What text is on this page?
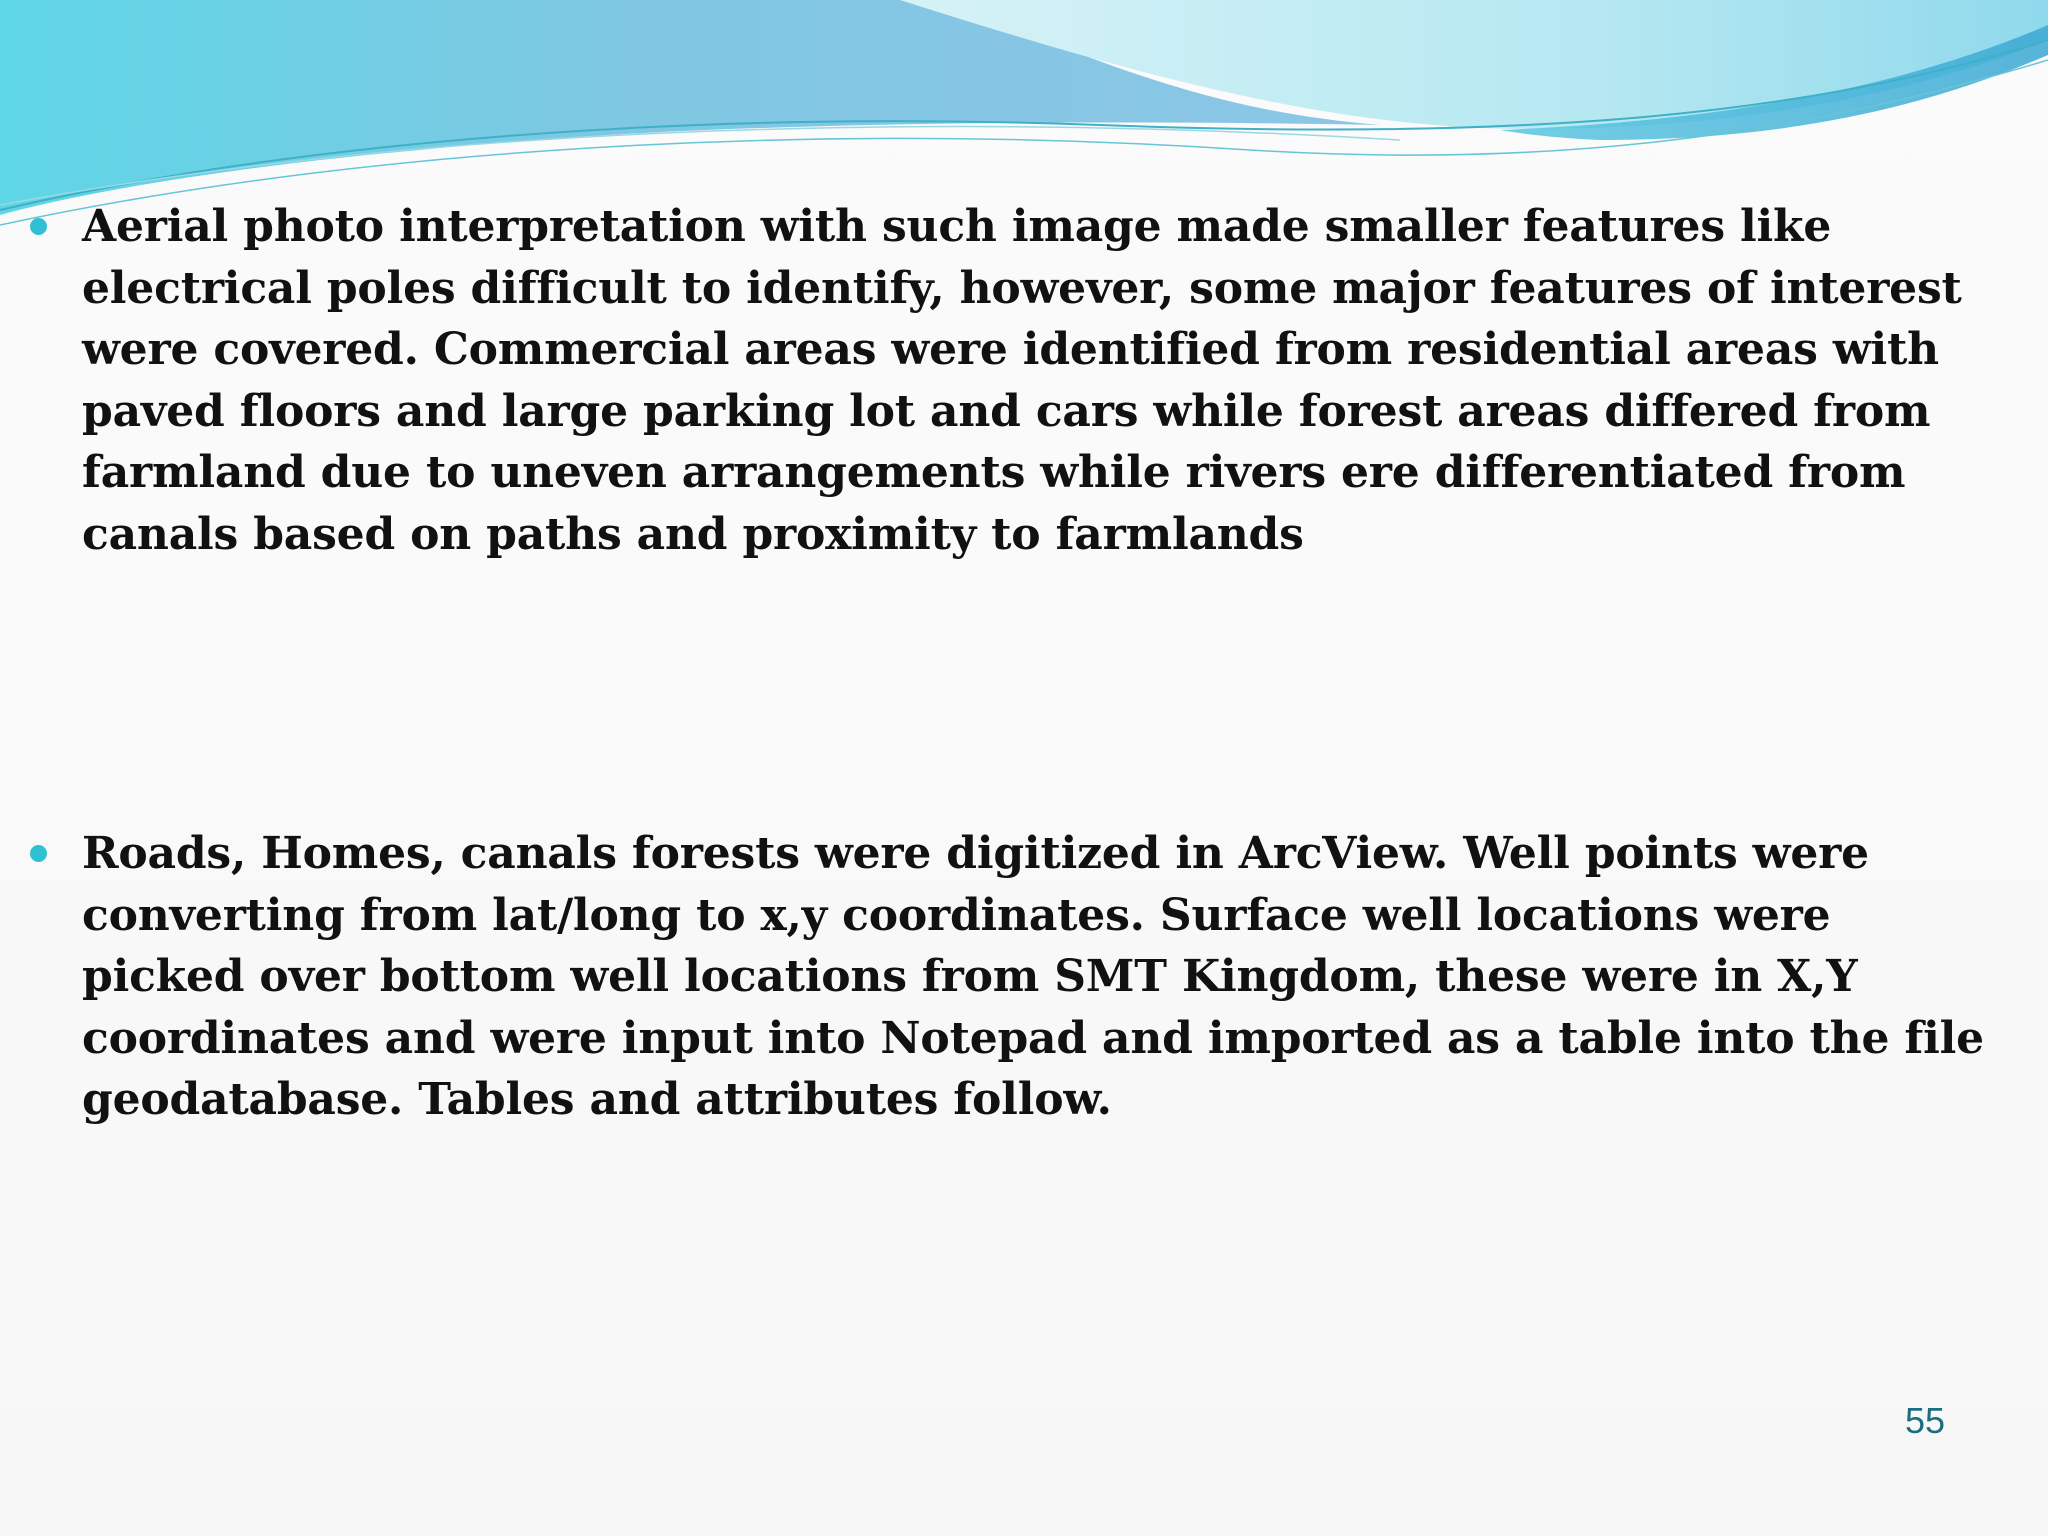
Aerial photo interpretation with such image made smaller features like electrical poles difficult to identify, however, some major features of interest were covered. Commercial areas were identified from residential areas with paved floors and large parking lot and cars while forest areas differed from farmland due to uneven arrangements while rivers ere differentiated from canals based on paths and proximity to farmlands
Roads, Homes, canals forests were digitized in ArcView. Well points were converting from lat/long to x,y coordinates. Surface well locations were picked over bottom well locations from SMT Kingdom, these were in X,Y coordinates and were input into Notepad and imported as a table into the file geodatabase. Tables and attributes follow.
55
